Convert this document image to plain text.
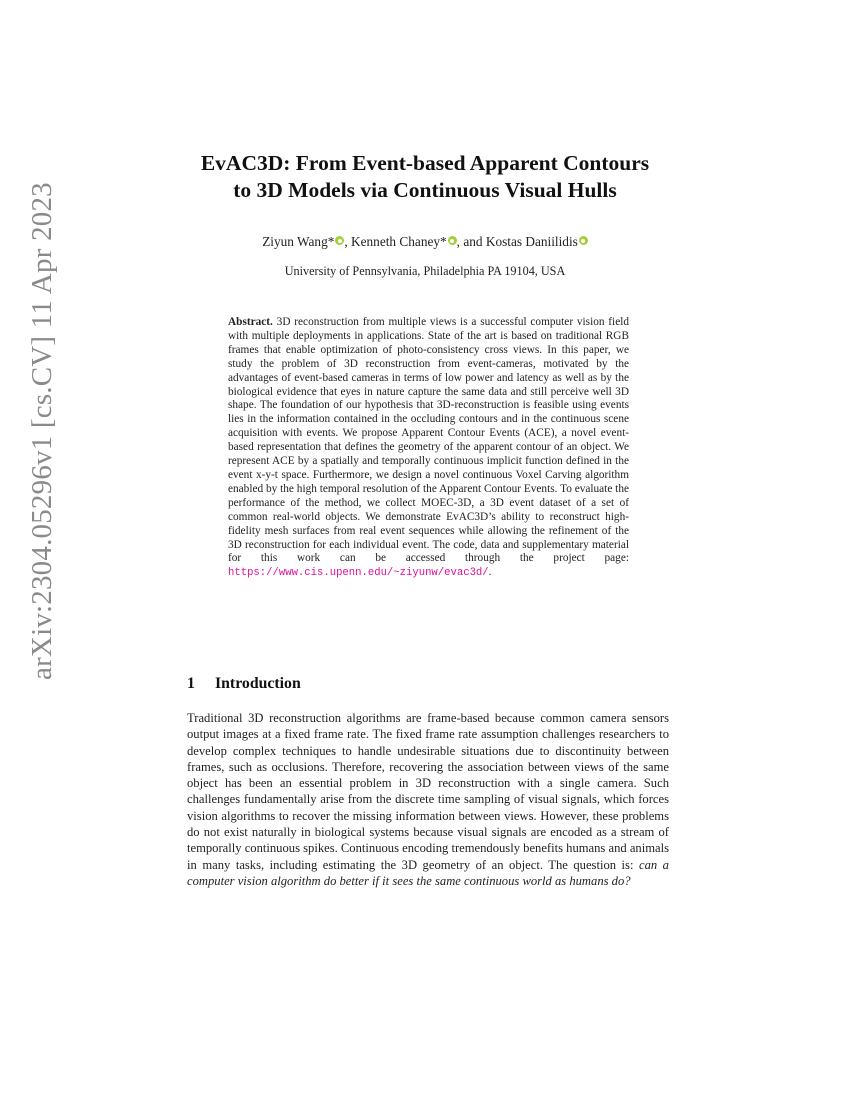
arXiv:2304.05296v1 [cs.CV] 11 Apr 2023
EvAC3D: From Event-based Apparent Contours
to 3D Models via Continuous Visual Hulls
Ziyun Wang* , Kenneth Chaney* , and Kostas Daniilidis
University of Pennsylvania, Philadelphia PA 19104, USA
Abstract. 3D reconstruction from multiple views is a successful computer vision field with multiple deployments in applications. State of the art is based on traditional RGB frames that enable optimization of photo-consistency cross views. In this paper, we study the problem of 3D reconstruction from event-cameras, motivated by the advantages of event-based cameras in terms of low power and latency as well as by the biological evidence that eyes in nature capture the same data and still perceive well 3D shape. The foundation of our hypothesis that 3D-reconstruction is feasible using events lies in the information contained in the occluding contours and in the continuous scene acquisition with events. We propose Apparent Contour Events (ACE), a novel event-based representation that defines the geometry of the apparent contour of an object. We represent ACE by a spatially and temporally continuous implicit function defined in the event x-y-t space. Furthermore, we design a novel continuous Voxel Carving algorithm enabled by the high temporal resolution of the Apparent Contour Events. To evaluate the performance of the method, we collect MOEC-3D, a 3D event dataset of a set of common real-world objects. We demonstrate EvAC3D’s ability to reconstruct high-fidelity mesh surfaces from real event sequences while allowing the refinement of the 3D reconstruction for each individual event. The code, data and supplementary material for this work can be accessed through the project page: https://www.cis.upenn.edu/~ziyunw/evac3d/.
1 Introduction
Traditional 3D reconstruction algorithms are frame-based because common camera sensors output images at a fixed frame rate. The fixed frame rate assumption challenges researchers to develop complex techniques to handle undesirable situations due to discontinuity between frames, such as occlusions. Therefore, recovering the association between views of the same object has been an essential problem in 3D reconstruction with a single camera. Such challenges fundamentally arise from the discrete time sampling of visual signals, which forces vision algorithms to recover the missing information between views. However, these problems do not exist naturally in biological systems because visual signals are encoded as a stream of temporally continuous spikes. Continuous encoding tremendously benefits humans and animals in many tasks, including estimating the 3D geometry of an object. The question is: can a computer vision algorithm do better if it sees the same continuous world as humans do?
